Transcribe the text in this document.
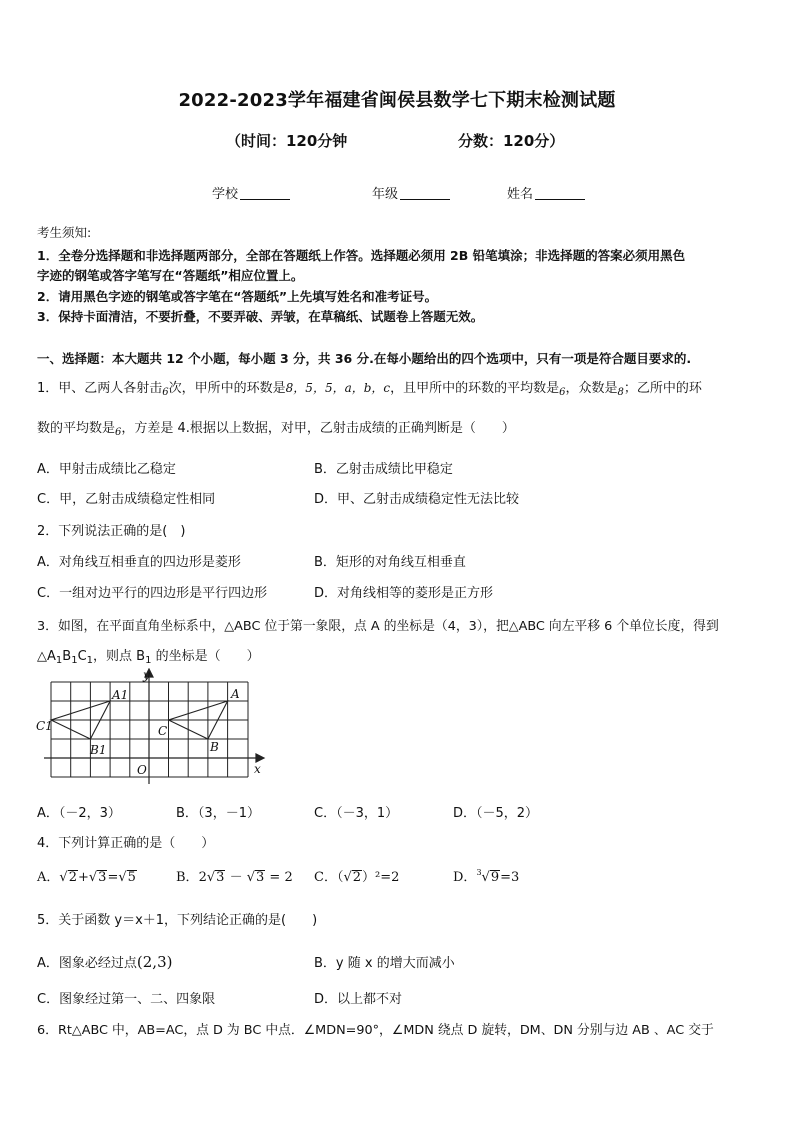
2022-2023学年福建省闽侯县数学七下期末检测试题
（时间：120分钟	分数：120分）
学校	年级	姓名
考生须知:
1．全卷分选择题和非选择题两部分，全部在答题纸上作答。选择题必须用 2B 铅笔填涂；非选择题的答案必须用黑色
字迹的钢笔或答字笔写在“答题纸”相应位置上。
2．请用黑色字迹的钢笔或答字笔在“答题纸”上先填写姓名和准考证号。
3．保持卡面清洁，不要折叠，不要弄破、弄皱，在草稿纸、试题卷上答题无效。
一、选择题：本大题共 12 个小题，每小题 3 分，共 36 分.在每小题给出的四个选项中，只有一项是符合题目要求的.
1．甲、乙两人各射击$_6$次，甲所中的环数是8，5，5，a，b，c，且甲所中的环数的平均数是$_6$，众数是$_8$；乙所中的环
数的平均数是$_6$，方差是 4.根据以上数据，对甲，乙射击成绩的正确判断是（　　）
A．甲射击成绩比乙稳定	B．乙射击成绩比甲稳定
C．甲，乙射击成绩稳定性相同	D．甲、乙射击成绩稳定性无法比较
2．下列说法正确的是(　)
A．对角线互相垂直的四边形是菱形	B．矩形的对角线互相垂直
C．一组对边平行的四边形是平行四边形	D．对角线相等的菱形是正方形
3．如图，在平面直角坐标系中，△ABC 位于第一象限，点 A 的坐标是（4，3），把△ABC 向左平移 6 个单位长度，得到
$\triangle A_1B_1C_1$，则点 $B_1$ 的坐标是（　　）
y
x
O
A
B
C
A1
B1
C1
A．（－2，3）	B．（3，－1）	C．（－3，1）	D．（－5，2）
4．下列计算正确的是（　　）
A．√2+√3=√5	B．2√3 － √3 = 2 C．（√2）²=2	D．$^3$√9=3
5．关于函数 y＝x＋1，下列结论正确的是(　　)
A．图象必经过点(2,3)	B．y 随 x 的增大而减小
C．图象经过第一、二、四象限	D．以上都不对
6．Rt△ABC 中，AB=AC，点 D 为 BC 中点．∠MDN=90°，∠MDN 绕点 D 旋转，DM、DN 分别与边 AB 、AC 交于
